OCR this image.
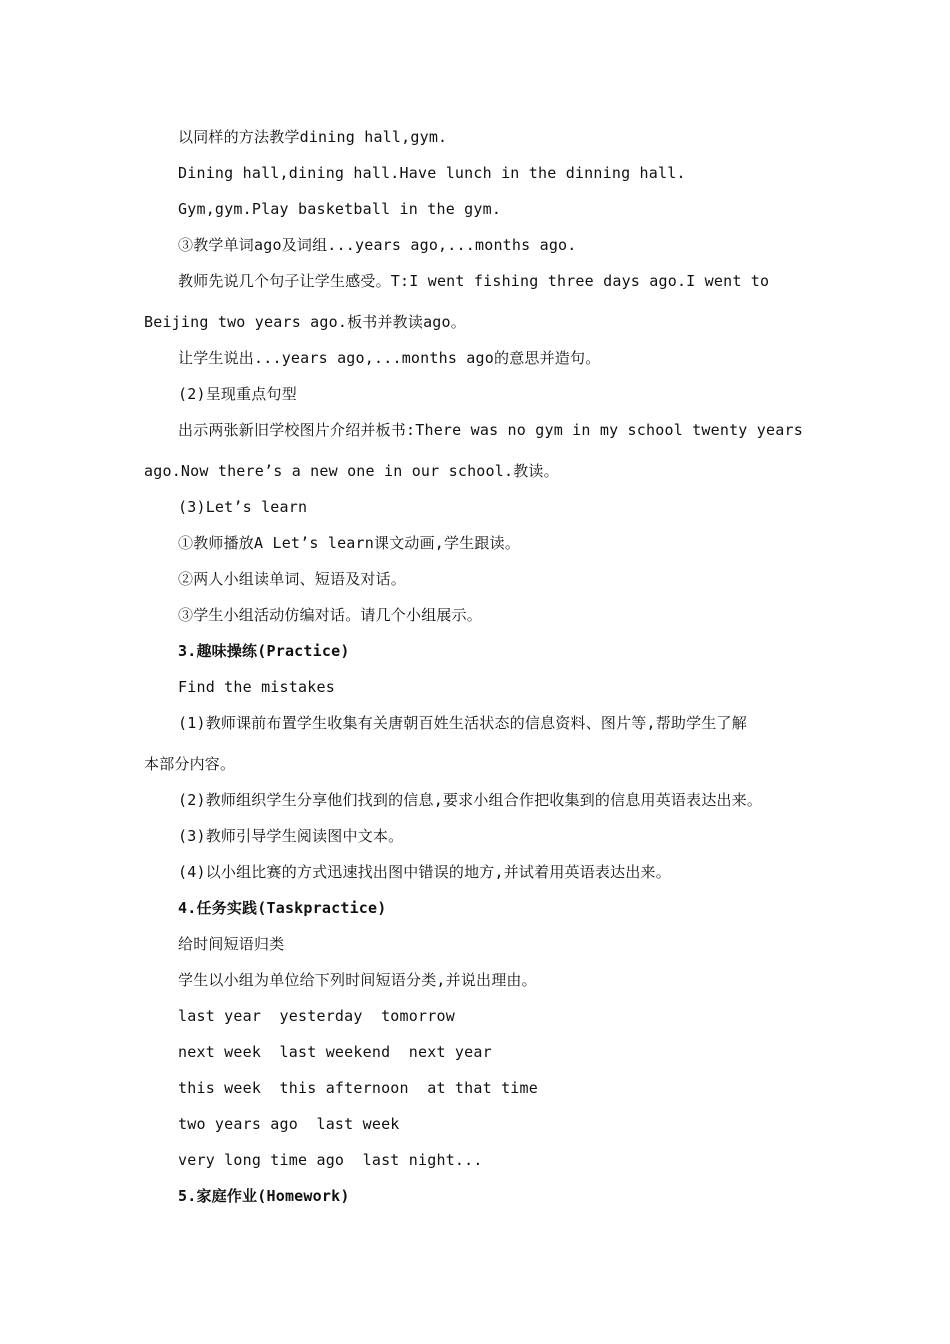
以同样的方法教学dining hall,gym.
Dining hall,dining hall.Have lunch in the dinning hall.
Gym,gym.Play basketball in the gym.
③教学单词ago及词组...years ago,...months ago.
教师先说几个句子让学生感受。T:I went fishing three days ago.I went to
Beijing two years ago.板书并教读ago。
让学生说出...years ago,...months ago的意思并造句。
(2)呈现重点句型
出示两张新旧学校图片介绍并板书:There was no gym in my school twenty years
ago.Now there’s a new one in our school.教读。
(3)Let’s learn
①教师播放A Let’s learn课文动画,学生跟读。
②两人小组读单词、短语及对话。
③学生小组活动仿编对话。请几个小组展示。
3.趣味操练(Practice)
Find the mistakes
(1)教师课前布置学生收集有关唐朝百姓生活状态的信息资料、图片等,帮助学生了解
本部分内容。
(2)教师组织学生分享他们找到的信息,要求小组合作把收集到的信息用英语表达出来。
(3)教师引导学生阅读图中文本。
(4)以小组比赛的方式迅速找出图中错误的地方,并试着用英语表达出来。
4.任务实践(Taskpractice)
给时间短语归类
学生以小组为单位给下列时间短语分类,并说出理由。
last year  yesterday  tomorrow
next week  last weekend  next year
this week  this afternoon  at that time
two years ago  last week
very long time ago  last night...
5.家庭作业(Homework)
